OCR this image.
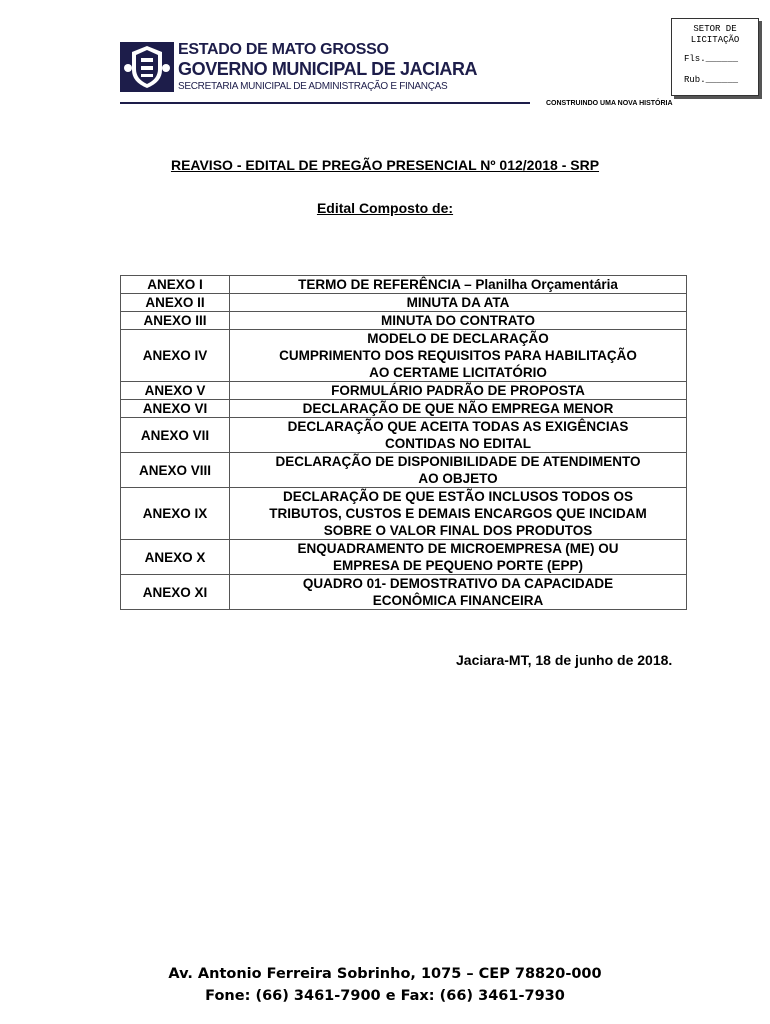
SETOR DE
LICITAÇÃO
Fls.______
Rub.______
ESTADO DE MATO GROSSO
GOVERNO MUNICIPAL DE JACIARA
SECRETARIA MUNICIPAL DE ADMINISTRAÇÃO E FINANÇAS
CONSTRUINDO UMA NOVA HISTÓRIA
REAVISO - EDITAL DE PREGÃO PRESENCIAL Nº 012/2018 - SRP
Edital Composto de:
ANEXO I	TERMO DE REFERÊNCIA – Planilha Orçamentária

ANEXO II	MINUTA DA ATA

ANEXO III	MINUTA DO CONTRATO

ANEXO IV	MODELO DE DECLARAÇÃO
CUMPRIMENTO DOS REQUISITOS PARA HABILITAÇÃO
AO CERTAME LICITATÓRIO

ANEXO V	FORMULÁRIO PADRÃO DE PROPOSTA

ANEXO VI	DECLARAÇÃO DE QUE NÃO EMPREGA MENOR

ANEXO VII	DECLARAÇÃO QUE ACEITA TODAS AS EXIGÊNCIAS
CONTIDAS NO EDITAL

ANEXO VIII	DECLARAÇÃO DE DISPONIBILIDADE DE ATENDIMENTO
AO OBJETO

ANEXO IX	DECLARAÇÃO DE QUE ESTÃO INCLUSOS TODOS OS
TRIBUTOS, CUSTOS E DEMAIS ENCARGOS QUE INCIDAM
SOBRE O VALOR FINAL DOS PRODUTOS

ANEXO X	ENQUADRAMENTO DE MICROEMPRESA (ME) OU
EMPRESA DE PEQUENO PORTE (EPP)

ANEXO XI	QUADRO 01- DEMOSTRATIVO DA CAPACIDADE
ECONÔMICA FINANCEIRA
Jaciara-MT, 18 de junho de 2018.
Av. Antonio Ferreira Sobrinho, 1075 – CEP 78820-000
Fone: (66) 3461-7900 e Fax: (66) 3461-7930
